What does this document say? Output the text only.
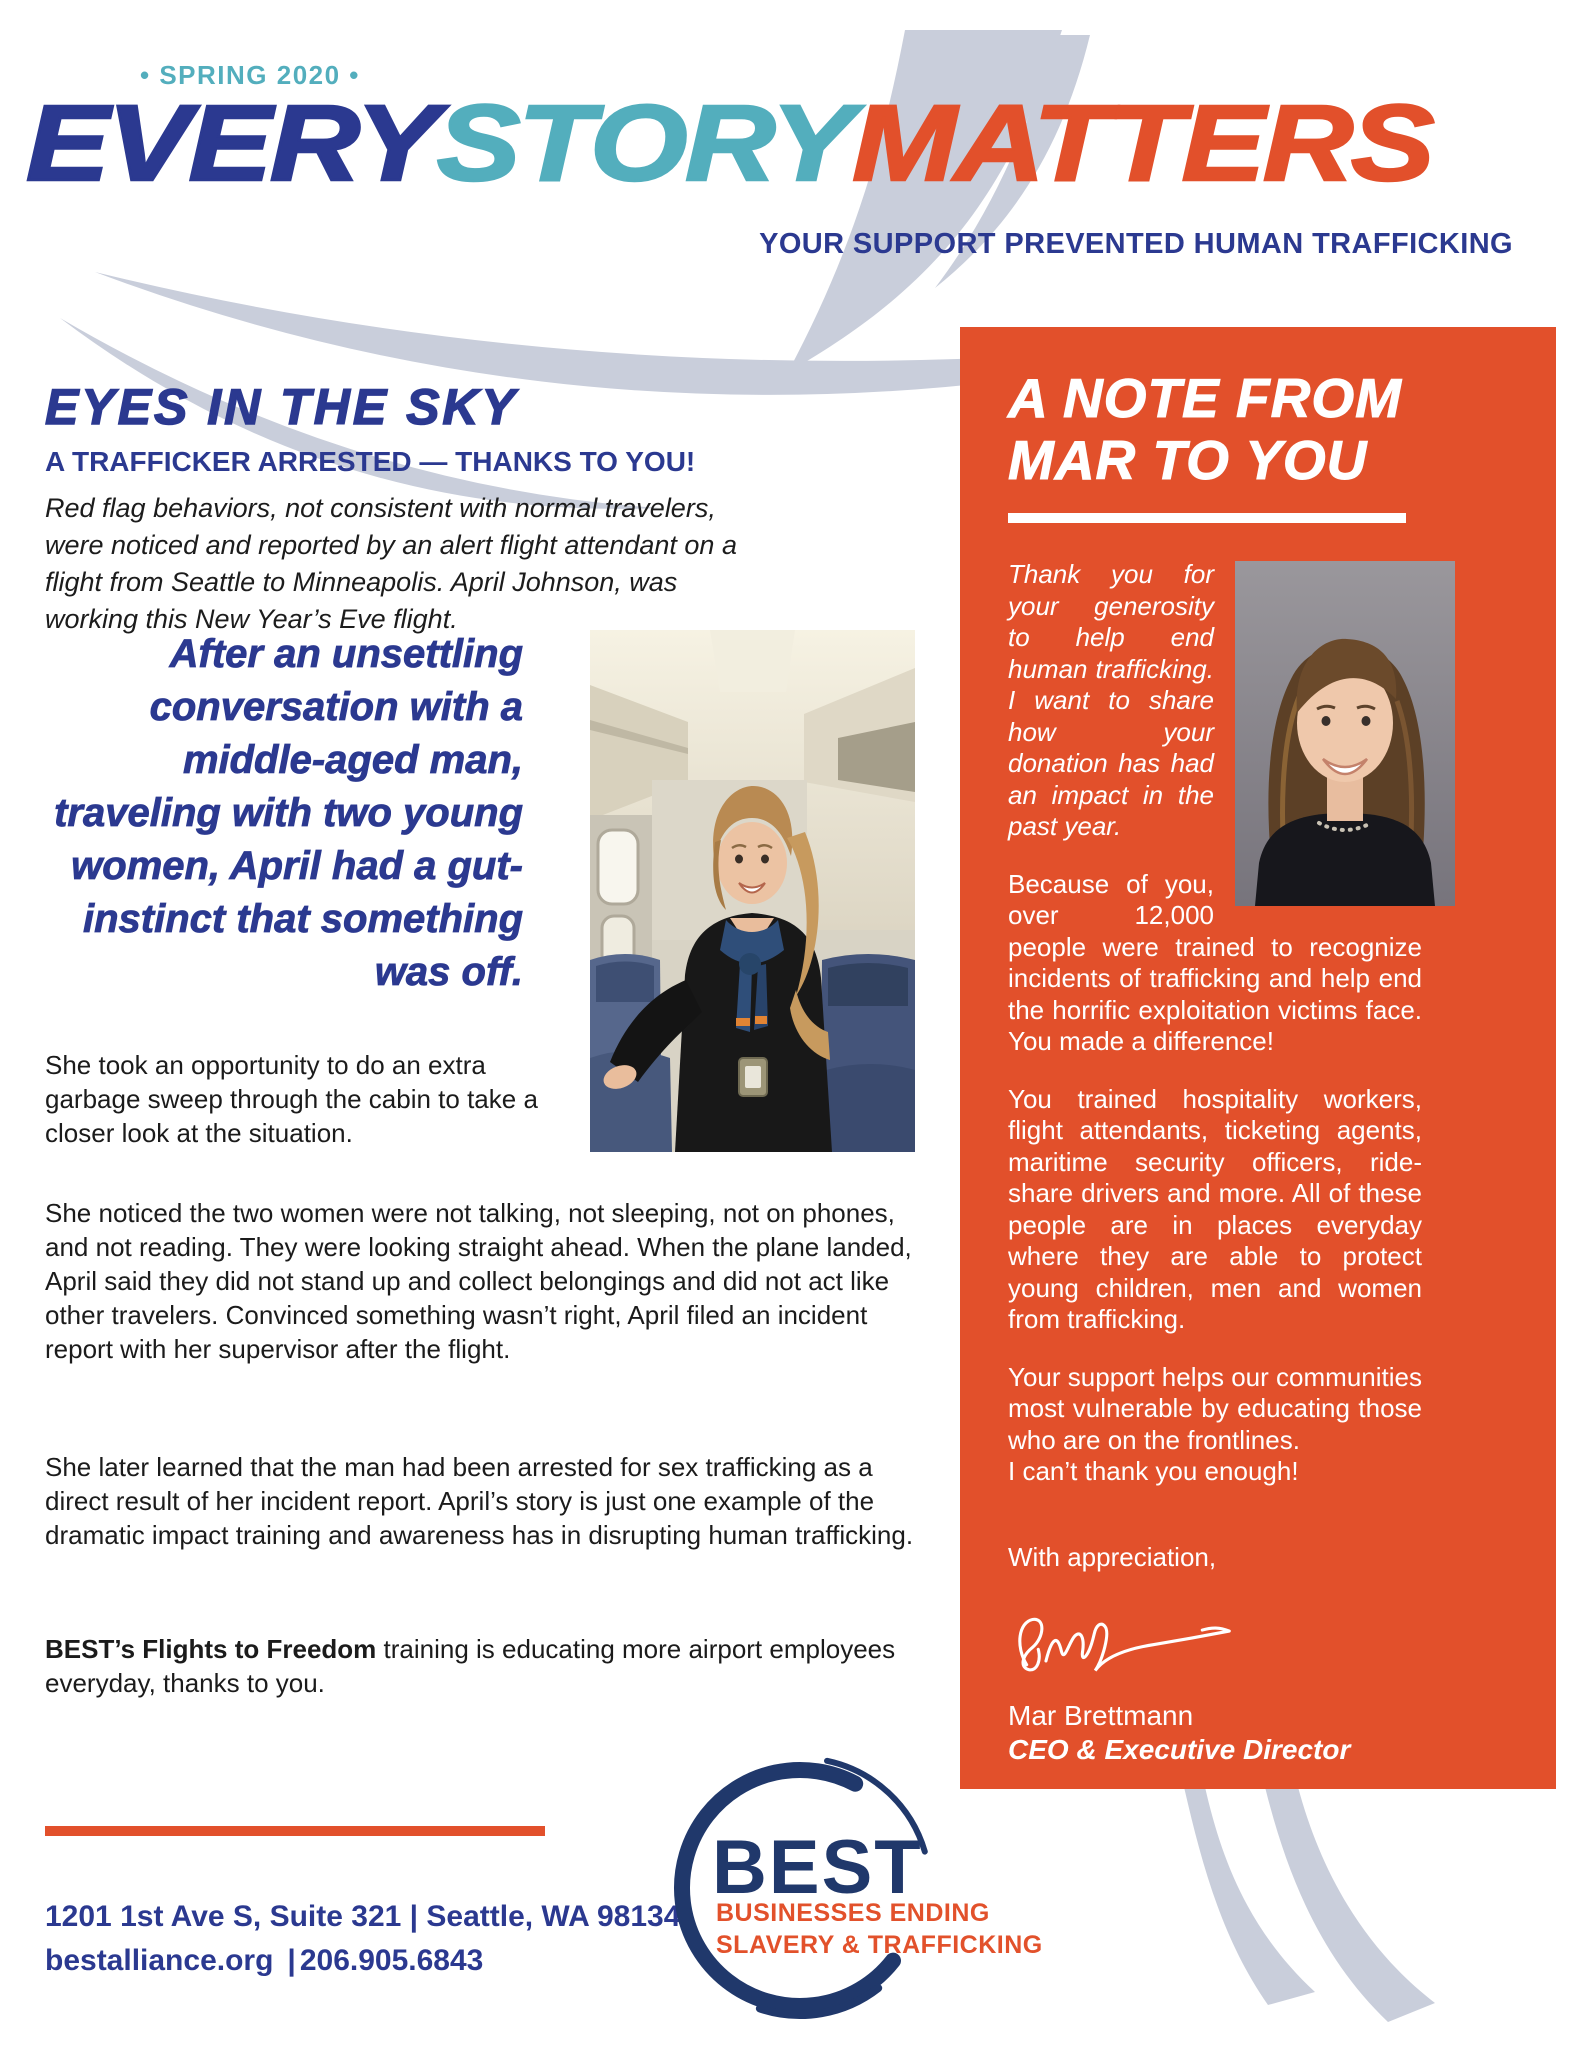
• SPRING 2020 •
EVERYSTORYMATTERS
YOUR SUPPORT PREVENTED HUMAN TRAFFICKING
EYES IN THE SKY
A TRAFFICKER ARRESTED — THANKS TO YOU!
Red flag behaviors, not consistent with normal travelers, were noticed and reported by an alert flight attendant on a flight from Seattle to Minneapolis. April Johnson, was working this New Year’s Eve flight.
After an unsettling conversation with a middle-aged man, traveling with two young women, April had a gut-instinct that something was off.
She took an opportunity to do an extra garbage sweep through the cabin to take a closer look at the situation.
She noticed the two women were not talking, not sleeping, not on phones, and not reading. They were looking straight ahead. When the plane landed, April said they did not stand up and collect belongings and did not act like other travelers. Convinced something wasn’t right, April filed an incident report with her supervisor after the flight.
She later learned that the man had been arrested for sex trafficking as a direct result of her incident report. April’s story is just one example of the dramatic impact training and awareness has in disrupting human trafficking.
BEST’s Flights to Freedom training is educating more airport employees everyday, thanks to you.
A NOTE FROM
MAR TO YOU

Thank you for your generosity to help end human trafficking. I want to share how your donation has had an impact in the past year.

Because of you, over 12,000 people were trained to recognize incidents of trafficking and help end the horrific exploitation victims face. You made a difference!

You trained hospitality workers, flight attendants, ticketing agents, maritime security officers, ride-share drivers and more. All of these people are in places everyday where they are able to protect young children, men and women from trafficking.

Your support helps our communities most vulnerable by educating those who are on the frontlines.
I can’t thank you enough!

With appreciation,

Mar Brettmann

CEO & Executive Director

1201 1st Ave S, Suite 321 | Seattle, WA 98134
bestalliance.org | 206.905.6843
BEST
BUSINESSES ENDING
SLAVERY & TRAFFICKING
